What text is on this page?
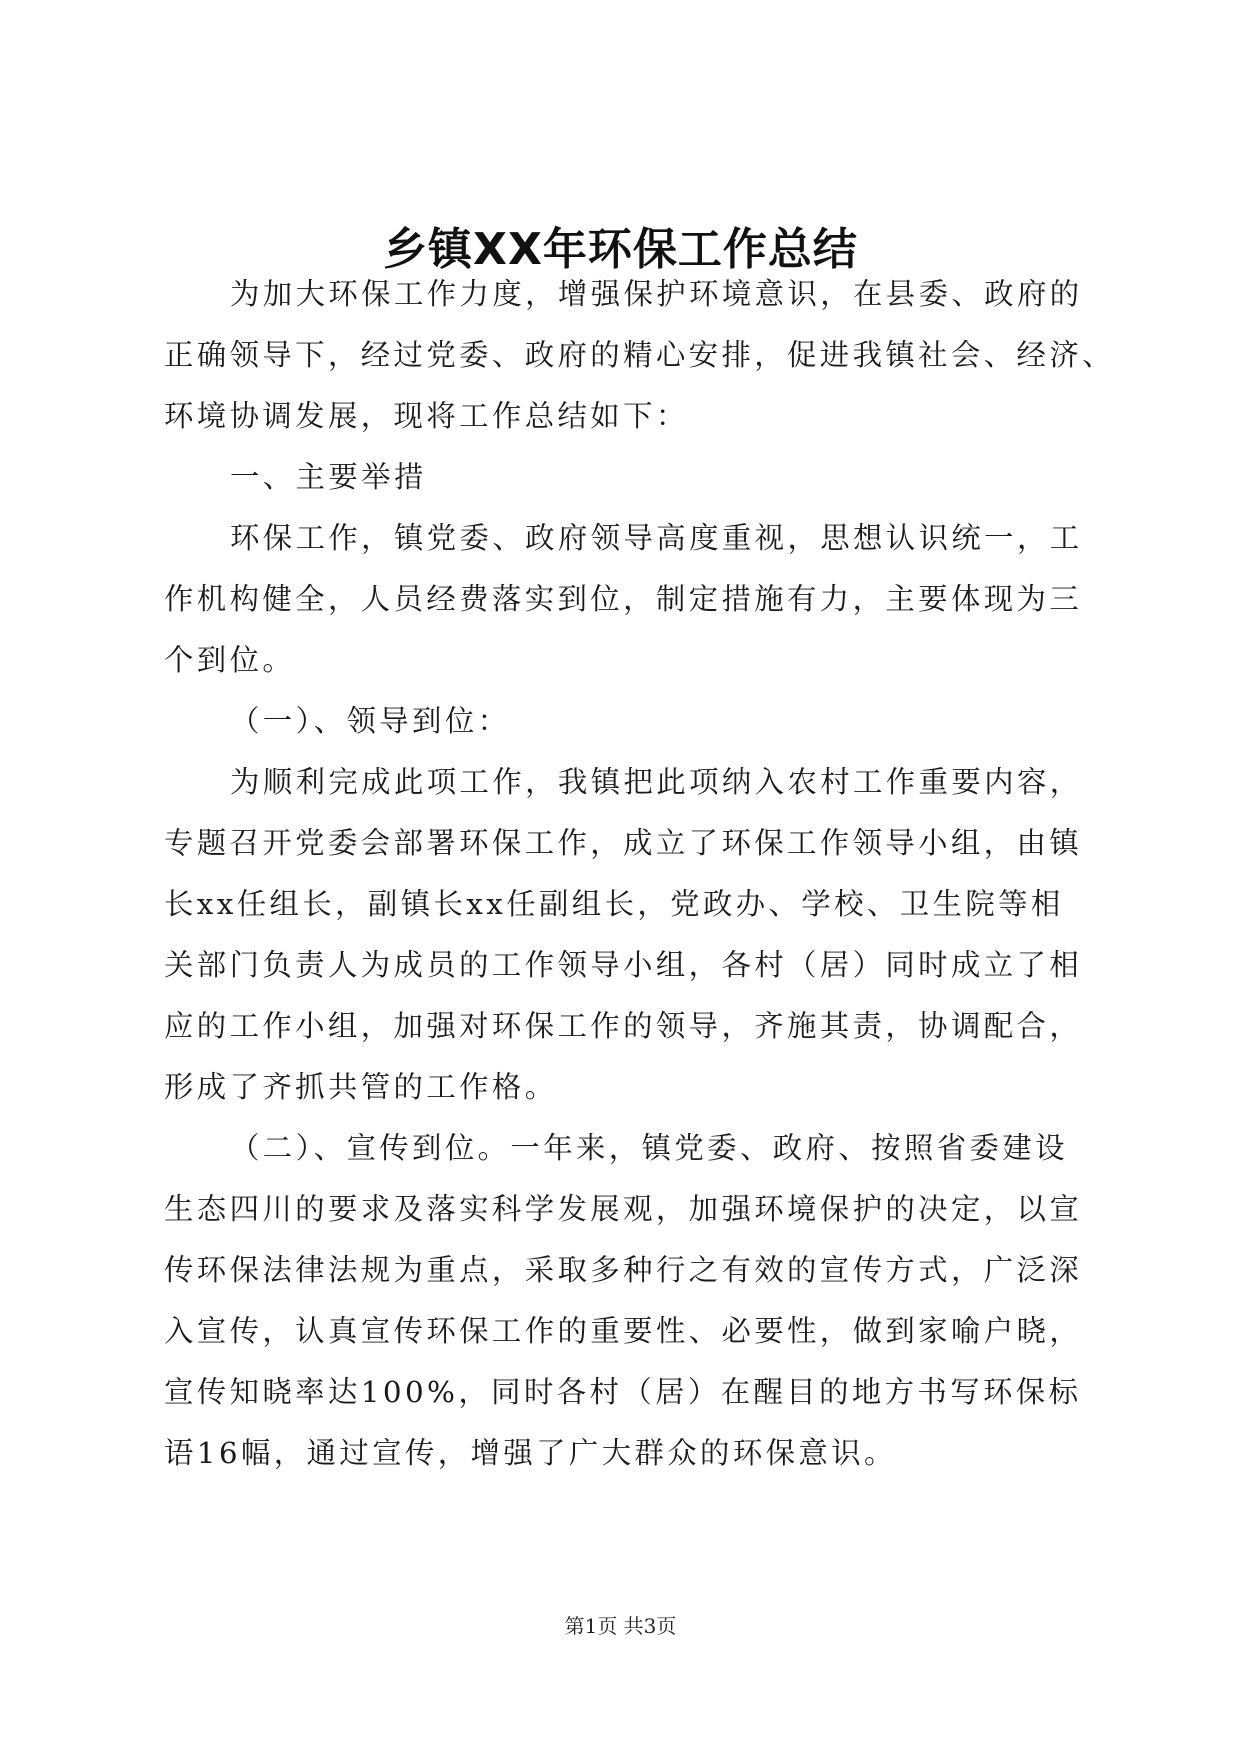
乡镇XX年环保工作总结
为加大环保工作力度，增强保护环境意识，在县委、政府的
正确领导下，经过党委、政府的精心安排，促进我镇社会、经济、
环境协调发展，现将工作总结如下：
一、主要举措
环保工作，镇党委、政府领导高度重视，思想认识统一，工
作机构健全，人员经费落实到位，制定措施有力，主要体现为三
个到位。
（一）、领导到位：
为顺利完成此项工作，我镇把此项纳入农村工作重要内容，
专题召开党委会部署环保工作，成立了环保工作领导小组，由镇
长xx任组长，副镇长xx任副组长，党政办、学校、卫生院等相
关部门负责人为成员的工作领导小组，各村（居）同时成立了相
应的工作小组，加强对环保工作的领导，齐施其责，协调配合，
形成了齐抓共管的工作格。
（二）、宣传到位。一年来，镇党委、政府、按照省委建设
生态四川的要求及落实科学发展观，加强环境保护的决定，以宣
传环保法律法规为重点，采取多种行之有效的宣传方式，广泛深
入宣传，认真宣传环保工作的重要性、必要性，做到家喻户晓，
宣传知晓率达100%，同时各村（居）在醒目的地方书写环保标
语16幅，通过宣传，增强了广大群众的环保意识。
第1页 共3页
